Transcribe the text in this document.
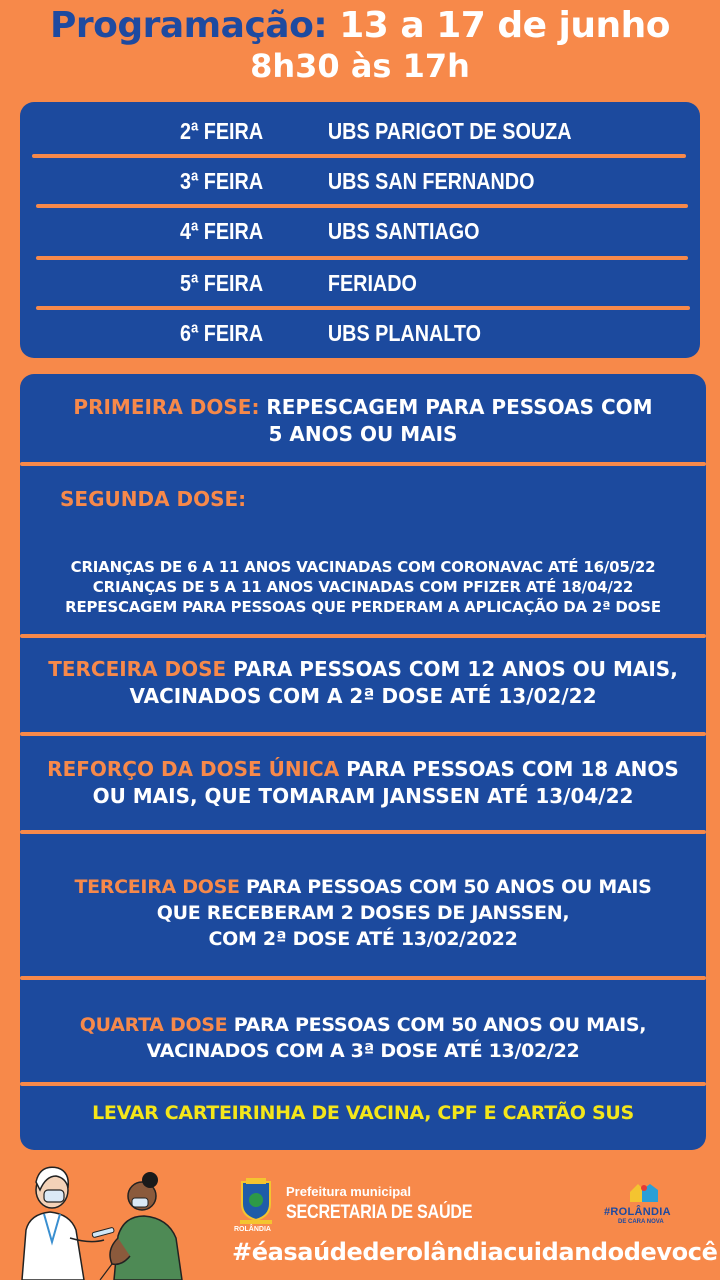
Programação: 13 a 17 de junho
8h30 às 17h
2ª FEIRA	UBS PARIGOT DE SOUZA
3ª FEIRA	UBS SAN FERNANDO
4ª FEIRA	UBS SANTIAGO
5ª FEIRA	FERIADO
6ª FEIRA	UBS PLANALTO
PRIMEIRA DOSE: REPESCAGEM PARA PESSOAS COM
5 ANOS OU MAIS
SEGUNDA DOSE:
CRIANÇAS DE 6 A 11 ANOS VACINADAS COM CORONAVAC ATÉ 16/05/22
CRIANÇAS DE 5 A 11 ANOS VACINADAS COM PFIZER ATÉ 18/04/22
REPESCAGEM PARA PESSOAS QUE PERDERAM A APLICAÇÃO DA 2ª DOSE
TERCEIRA DOSE PARA PESSOAS COM 12 ANOS OU MAIS,
VACINADOS COM A 2ª DOSE ATÉ 13/02/22
REFORÇO DA DOSE ÚNICA PARA PESSOAS COM 18 ANOS
OU MAIS, QUE TOMARAM JANSSEN ATÉ 13/04/22
TERCEIRA DOSE PARA PESSOAS COM 50 ANOS OU MAIS
QUE RECEBERAM 2 DOSES DE JANSSEN,
COM 2ª DOSE ATÉ 13/02/2022
QUARTA DOSE PARA PESSOAS COM 50 ANOS OU MAIS,
VACINADOS COM A 3ª DOSE ATÉ 13/02/22
LEVAR CARTEIRINHA DE VACINA, CPF E CARTÃO SUS
ROLÂNDIA
Prefeitura municipal
SECRETARIA DE SAÚDE	#ROLÂNDIA
DE CARA NOVA
#éasaúdederolândiacuidandodevocê
